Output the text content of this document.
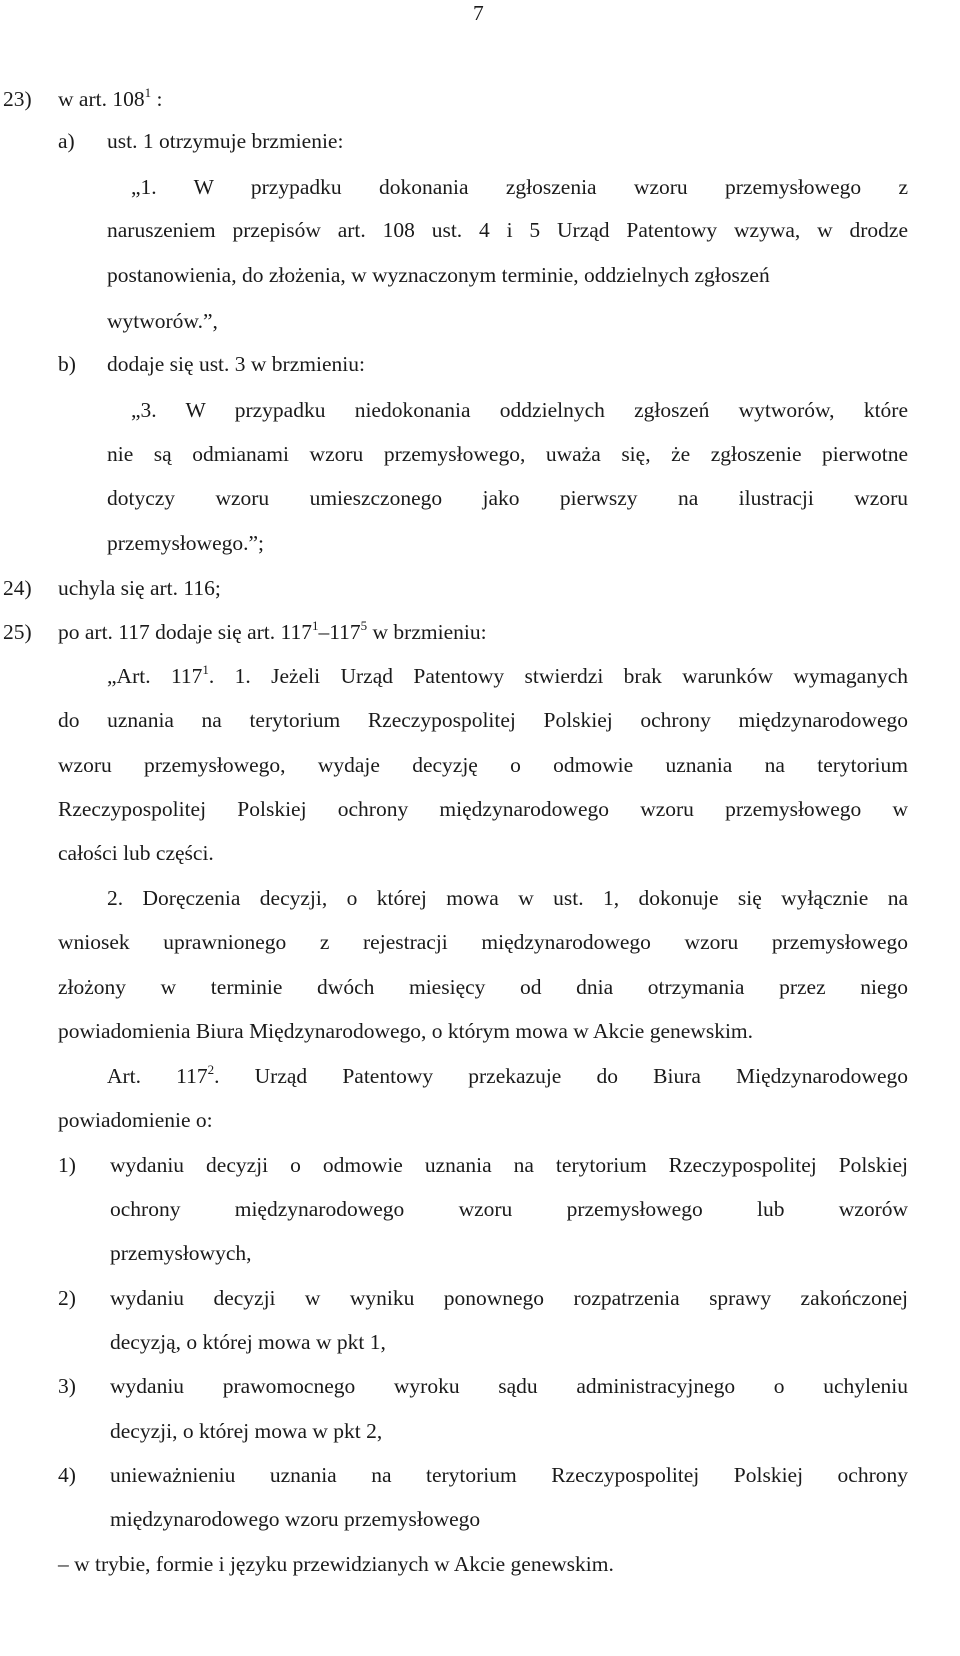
7
23) w art. $108^1$ :
a) ust. 1 otrzymuje brzmienie:
„1. W przypadku dokonania zgłoszenia wzoru przemysłowego z
naruszeniem przepisów art. 108 ust. 4 i 5 Urząd Patentowy wzywa, w drodze
postanowienia, do złożenia, w wyznaczonym terminie, oddzielnych zgłoszeń
wytworów.”,
b) dodaje się ust. 3 w brzmieniu:
„3. W przypadku niedokonania oddzielnych zgłoszeń wytworów, które
nie są odmianami wzoru przemysłowego, uważa się, że zgłoszenie pierwotne
dotyczy wzoru umieszczonego jako pierwszy na ilustracji wzoru
przemysłowego.”;
24) uchyla się art. 116;
25) po art. 117 dodaje się art. $117^1-117^5$ w brzmieniu:
„Art. $117^1$. 1. Jeżeli Urząd Patentowy stwierdzi brak warunków wymaganych
do uznania na terytorium Rzeczypospolitej Polskiej ochrony międzynarodowego
wzoru przemysłowego, wydaje decyzję o odmowie uznania na terytorium
Rzeczypospolitej Polskiej ochrony międzynarodowego wzoru przemysłowego w
całości lub części.
2. Doręczenia decyzji, o której mowa w ust. 1, dokonuje się wyłącznie na
wniosek uprawnionego z rejestracji międzynarodowego wzoru przemysłowego
złożony w terminie dwóch miesięcy od dnia otrzymania przez niego
powiadomienia Biura Międzynarodowego, o którym mowa w Akcie genewskim.
Art. $117^2$. Urząd Patentowy przekazuje do Biura Międzynarodowego
powiadomienie o:
1) wydaniu decyzji o odmowie uznania na terytorium Rzeczypospolitej Polskiej
ochrony międzynarodowego wzoru przemysłowego lub wzorów
przemysłowych,
2) wydaniu decyzji w wyniku ponownego rozpatrzenia sprawy zakończonej
decyzją, o której mowa w pkt 1,
3) wydaniu prawomocnego wyroku sądu administracyjnego o uchyleniu
decyzji, o której mowa w pkt 2,
4) unieważnieniu uznania na terytorium Rzeczypospolitej Polskiej ochrony
międzynarodowego wzoru przemysłowego
– w trybie, formie i języku przewidzianych w Akcie genewskim.
